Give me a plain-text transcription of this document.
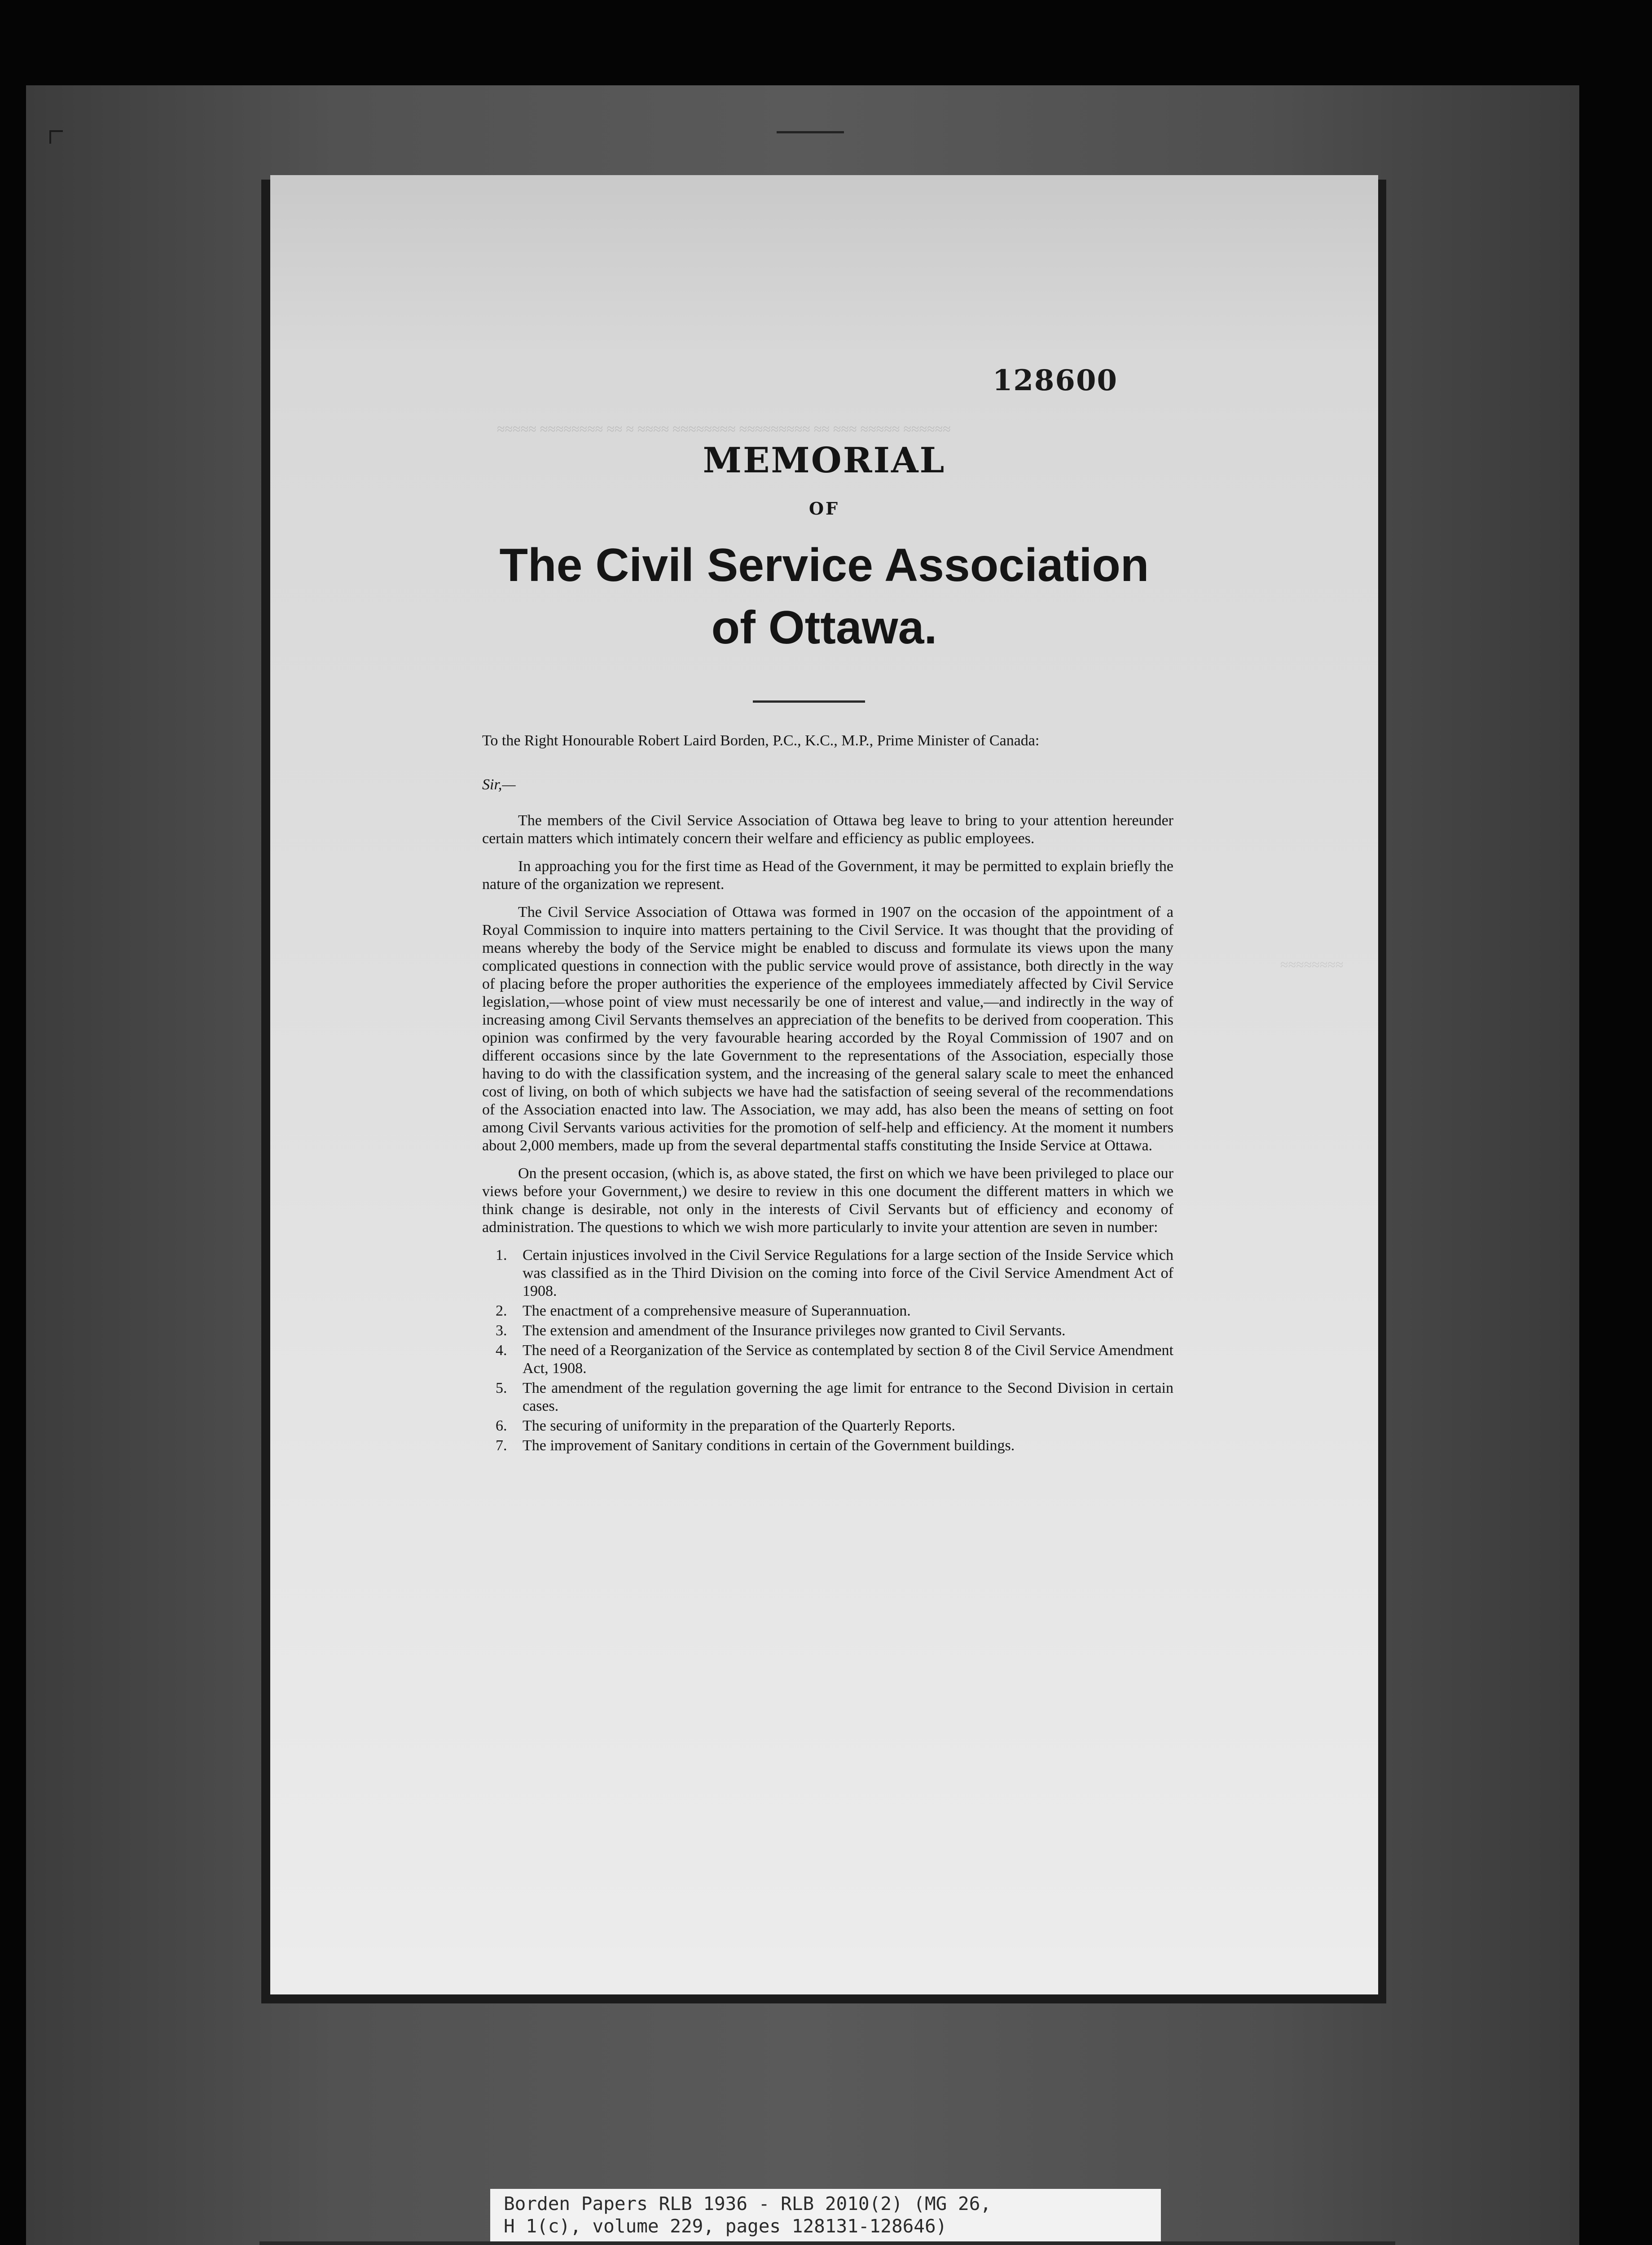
≈≈≈≈≈ ≈≈≈≈≈≈≈≈ ≈≈ ≈ ≈≈≈≈ ≈≈≈≈≈≈≈≈ ≈≈≈≈≈≈≈≈≈ ≈≈ ≈≈≈ ≈≈≈≈≈ ≈≈≈≈≈≈
≈≈≈≈≈≈≈≈
128600
MEMORIAL
OF
The Civil Service Association
of Ottawa.

To the Right Honourable Robert Laird Borden, P.C., K.C., M.P., Prime Minister of Canada:

Sir,—

The members of the Civil Service Association of Ottawa beg leave to bring to your attention hereunder certain matters which intimately concern their welfare and efficiency as public employees.

In approaching you for the first time as Head of the Government, it may be permitted to explain briefly the nature of the organization we represent.

The Civil Service Association of Ottawa was formed in 1907 on the occasion of the appointment of a Royal Commission to inquire into matters pertaining to the Civil Service. It was thought that the providing of means whereby the body of the Service might be enabled to discuss and formulate its views upon the many complicated questions in connection with the public service would prove of assistance, both directly in the way of placing before the proper authorities the experience of the employees immediately affected by Civil Service legislation,—whose point of view must necessarily be one of interest and value,—and indirectly in the way of increasing among Civil Servants themselves an appreciation of the benefits to be derived from cooperation. This opinion was confirmed by the very favourable hearing accorded by the Royal Commission of 1907 and on different occasions since by the late Government to the representations of the Association, especially those having to do with the classification system, and the increasing of the general salary scale to meet the enhanced cost of living, on both of which subjects we have had the satisfaction of seeing several of the recommendations of the Association enacted into law. The Association, we may add, has also been the means of setting on foot among Civil Servants various activities for the promotion of self-help and efficiency. At the moment it numbers about 2,000 members, made up from the several departmental staffs constituting the Inside Service at Ottawa.

On the present occasion, (which is, as above stated, the first on which we have been privileged to place our views before your Government,) we desire to review in this one document the different matters in which we think change is desirable, not only in the interests of Civil Servants but of efficiency and economy of administration. The questions to which we wish more particularly to invite your attention are seven in number:

1. Certain injustices involved in the Civil Service Regulations for a large section of the Inside Service which was classified as in the Third Division on the coming into force of the Civil Service Amendment Act of 1908.
2. The enactment of a comprehensive measure of Superannuation.
3. The extension and amendment of the Insurance privileges now granted to Civil Servants.
4. The need of a Reorganization of the Service as contemplated by section 8 of the Civil Service Amendment Act, 1908.
5. The amendment of the regulation governing the age limit for entrance to the Second Division in certain cases.
6. The securing of uniformity in the preparation of the Quarterly Reports.
7. The improvement of Sanitary conditions in certain of the Government buildings.
Borden Papers RLB 1936 - RLB 2010(2) (MG 26,
H 1(c), volume 229, pages 128131-128646)
